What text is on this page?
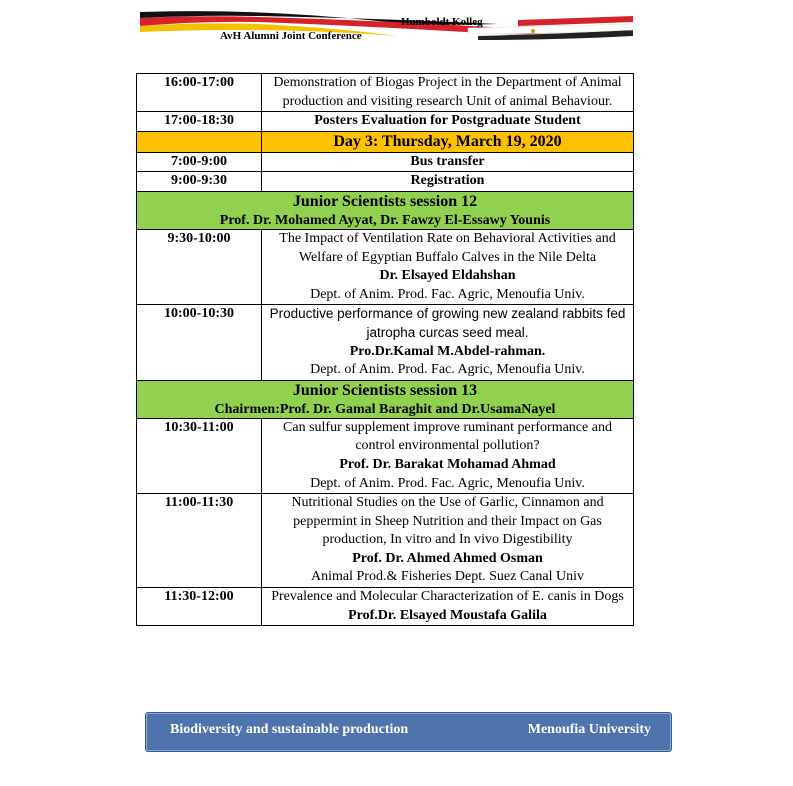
Humboldt Kolleg
AvH Alumni Joint Conference
16:00-17:00	Demonstration of Biogas Project in the Department of Animal production and visiting research Unit of animal Behaviour.
17:00-18:30	Posters Evaluation for Postgraduate Student
	Day 3: Thursday, March 19, 2020
7:00-9:00	Bus transfer
9:00-9:30	Registration

Junior Scientists session 12
Prof. Dr. Mohamed Ayyat, Dr. Fawzy El-Essawy Younis	

9:30-10:00	The Impact of Ventilation Rate on Behavioral Activities and Welfare of Egyptian Buffalo Calves in the Nile Delta
Dr. Elsayed Eldahshan
Dept. of Anim. Prod. Fac. Agric, Menoufia Univ.

10:00-10:30	Productive performance of growing new zealand rabbits fed jatropha curcas seed meal.
Pro.Dr.Kamal M.Abdel-rahman.
Dept. of Anim. Prod. Fac. Agric, Menoufia Univ.

Junior Scientists session 13
Chairmen:Prof. Dr. Gamal Baraghit and Dr.UsamaNayel	

10:30-11:00	Can sulfur supplement improve ruminant performance and control environmental pollution?
Prof. Dr. Barakat Mohamad Ahmad
Dept. of Anim. Prod. Fac. Agric, Menoufia Univ.

11:00-11:30	Nutritional Studies on the Use of Garlic, Cinnamon and peppermint in Sheep Nutrition and their Impact on Gas production, In vitro and In vivo Digestibility
Prof. Dr. Ahmed Ahmed Osman
Animal Prod.& Fisheries Dept. Suez Canal Univ

11:30-12:00	Prevalence and Molecular Characterization of E. canis in Dogs
Prof.Dr. Elsayed Moustafa Galila
Biodiversity and sustainable production	Menoufia University
